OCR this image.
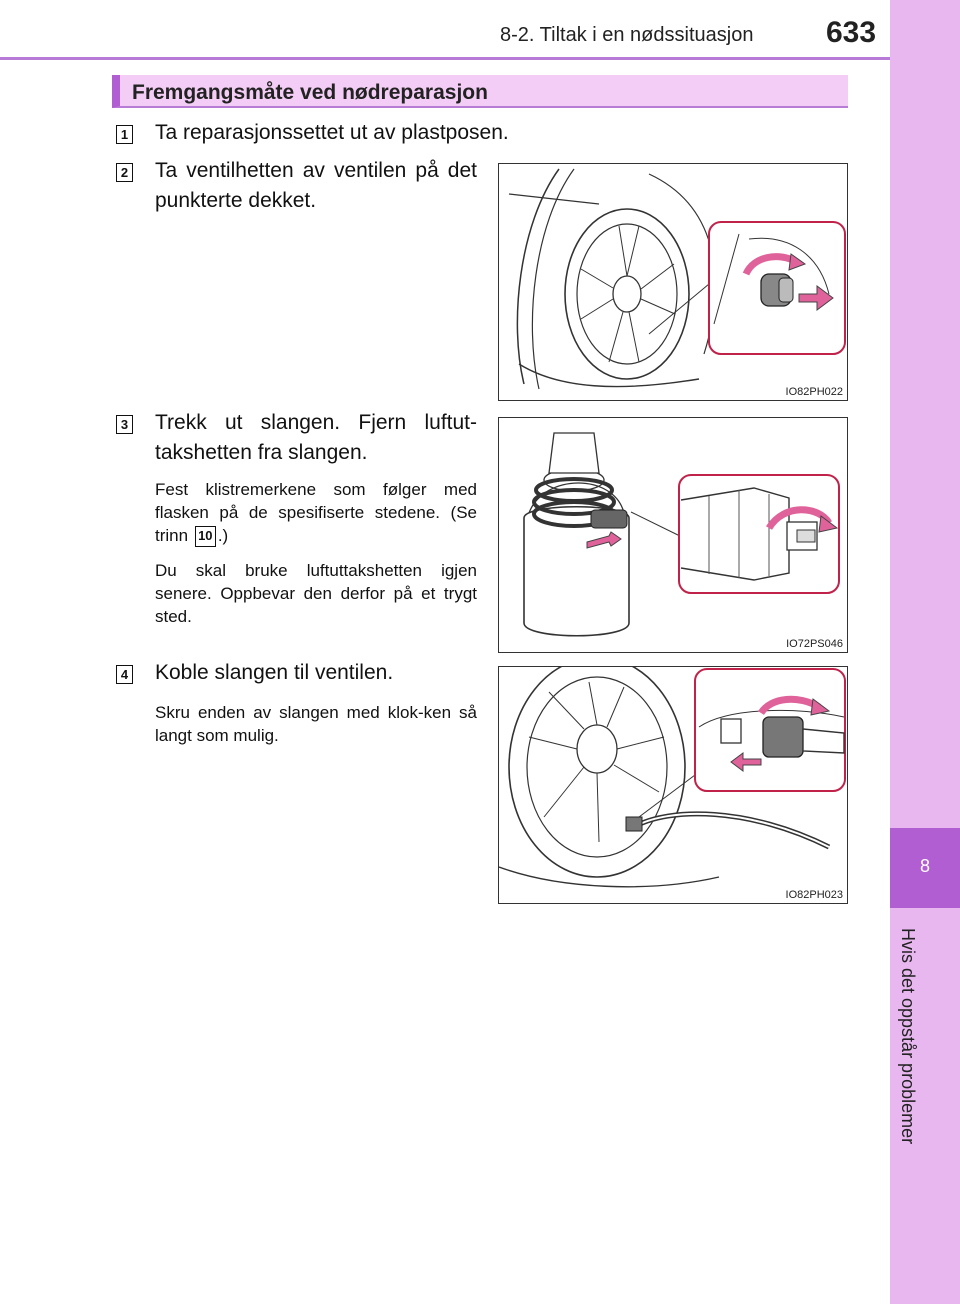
8-2. Tiltak i en nødssituasjon 633
8
Hvis det oppstår problemer
Fremgangsmåte ved nødreparasjon
1 Ta reparasjonssettet ut av plastposen.
2 Ta ventilhetten av ventilen på det punkterte dekket.
IO82PH022
3 Trekk ut slangen. Fjern luftut-takshetten fra slangen.
Fest klistremerkene som følger med flasken på de spesifiserte stedene. (Se trinn 10 .)
Du skal bruke luftuttakshetten igjen senere. Oppbevar den derfor på et trygt sted.
IO72PS046
4 Koble slangen til ventilen.
Skru enden av slangen med klok-ken så langt som mulig.
IO82PH023
